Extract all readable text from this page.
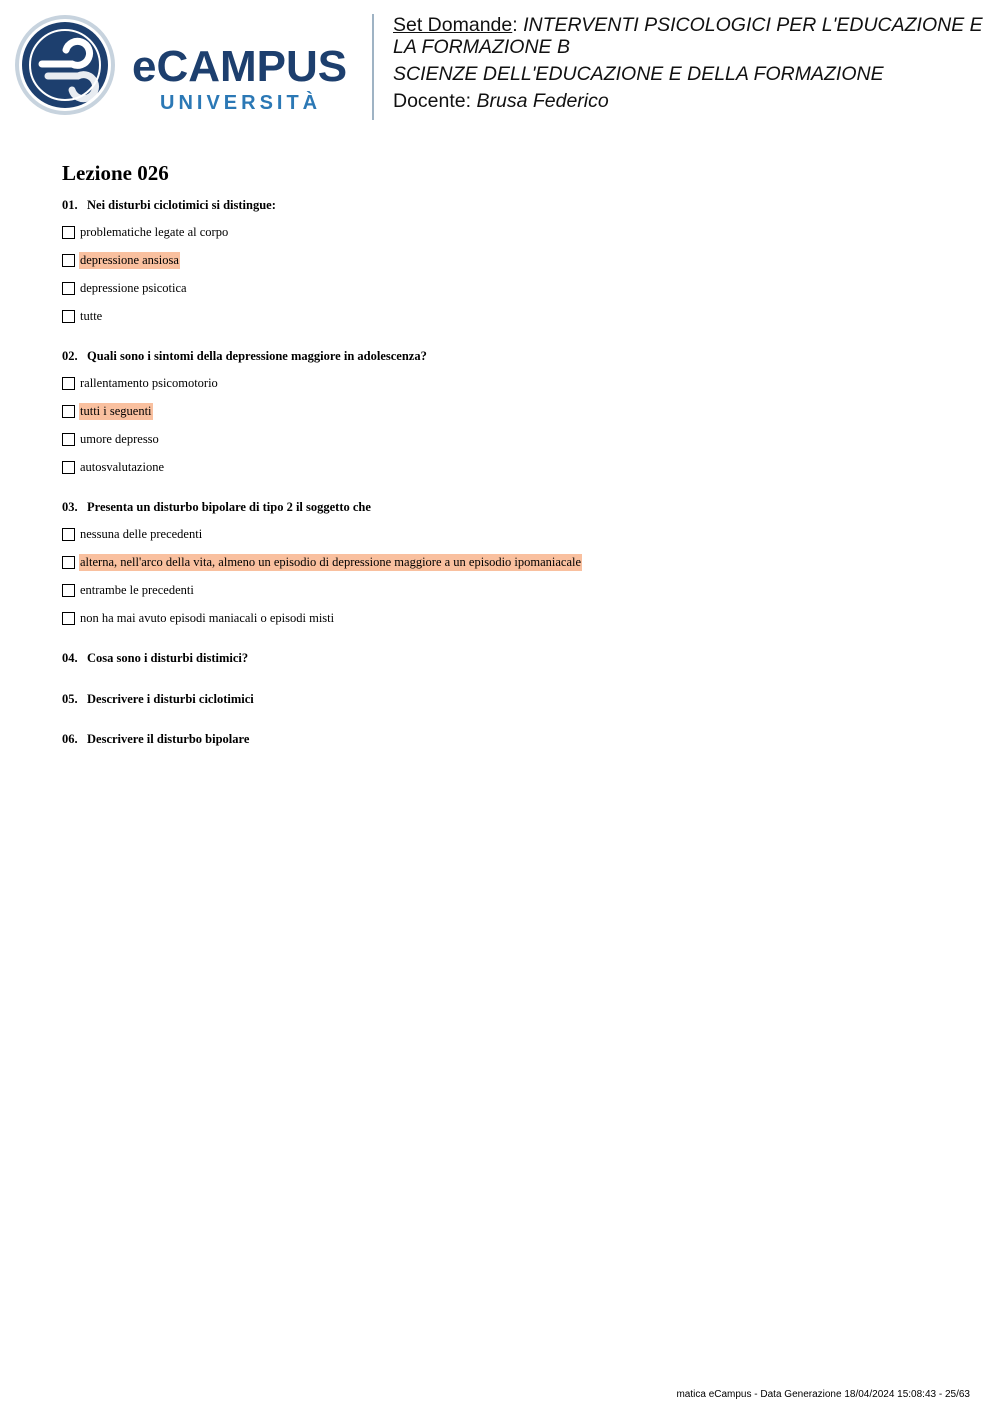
eCAMPUS
UNIVERSITÀ

Set Domande: INTERVENTI PSICOLOGICI PER L'EDUCAZIONE E LA FORMAZIONE B

SCIENZE DELL'EDUCAZIONE E DELLA FORMAZIONE

Docente: Brusa Federico

Lezione 026
01. Nei disturbi ciclotimici si distingue:
problematiche legate al corpo
depressione ansiosa
depressione psicotica
tutte
02. Quali sono i sintomi della depressione maggiore in adolescenza?
rallentamento psicomotorio
tutti i seguenti
umore depresso
autosvalutazione
03. Presenta un disturbo bipolare di tipo 2 il soggetto che
nessuna delle precedenti
alterna, nell'arco della vita, almeno un episodio di depressione maggiore a un episodio ipomaniacale
entrambe le precedenti
non ha mai avuto episodi maniacali o episodi misti
04. Cosa sono i disturbi distimici?
05. Descrivere i disturbi ciclotimici
06. Descrivere il disturbo bipolare
matica eCampus - Data Generazione 18/04/2024 15:08:43 - 25/63
